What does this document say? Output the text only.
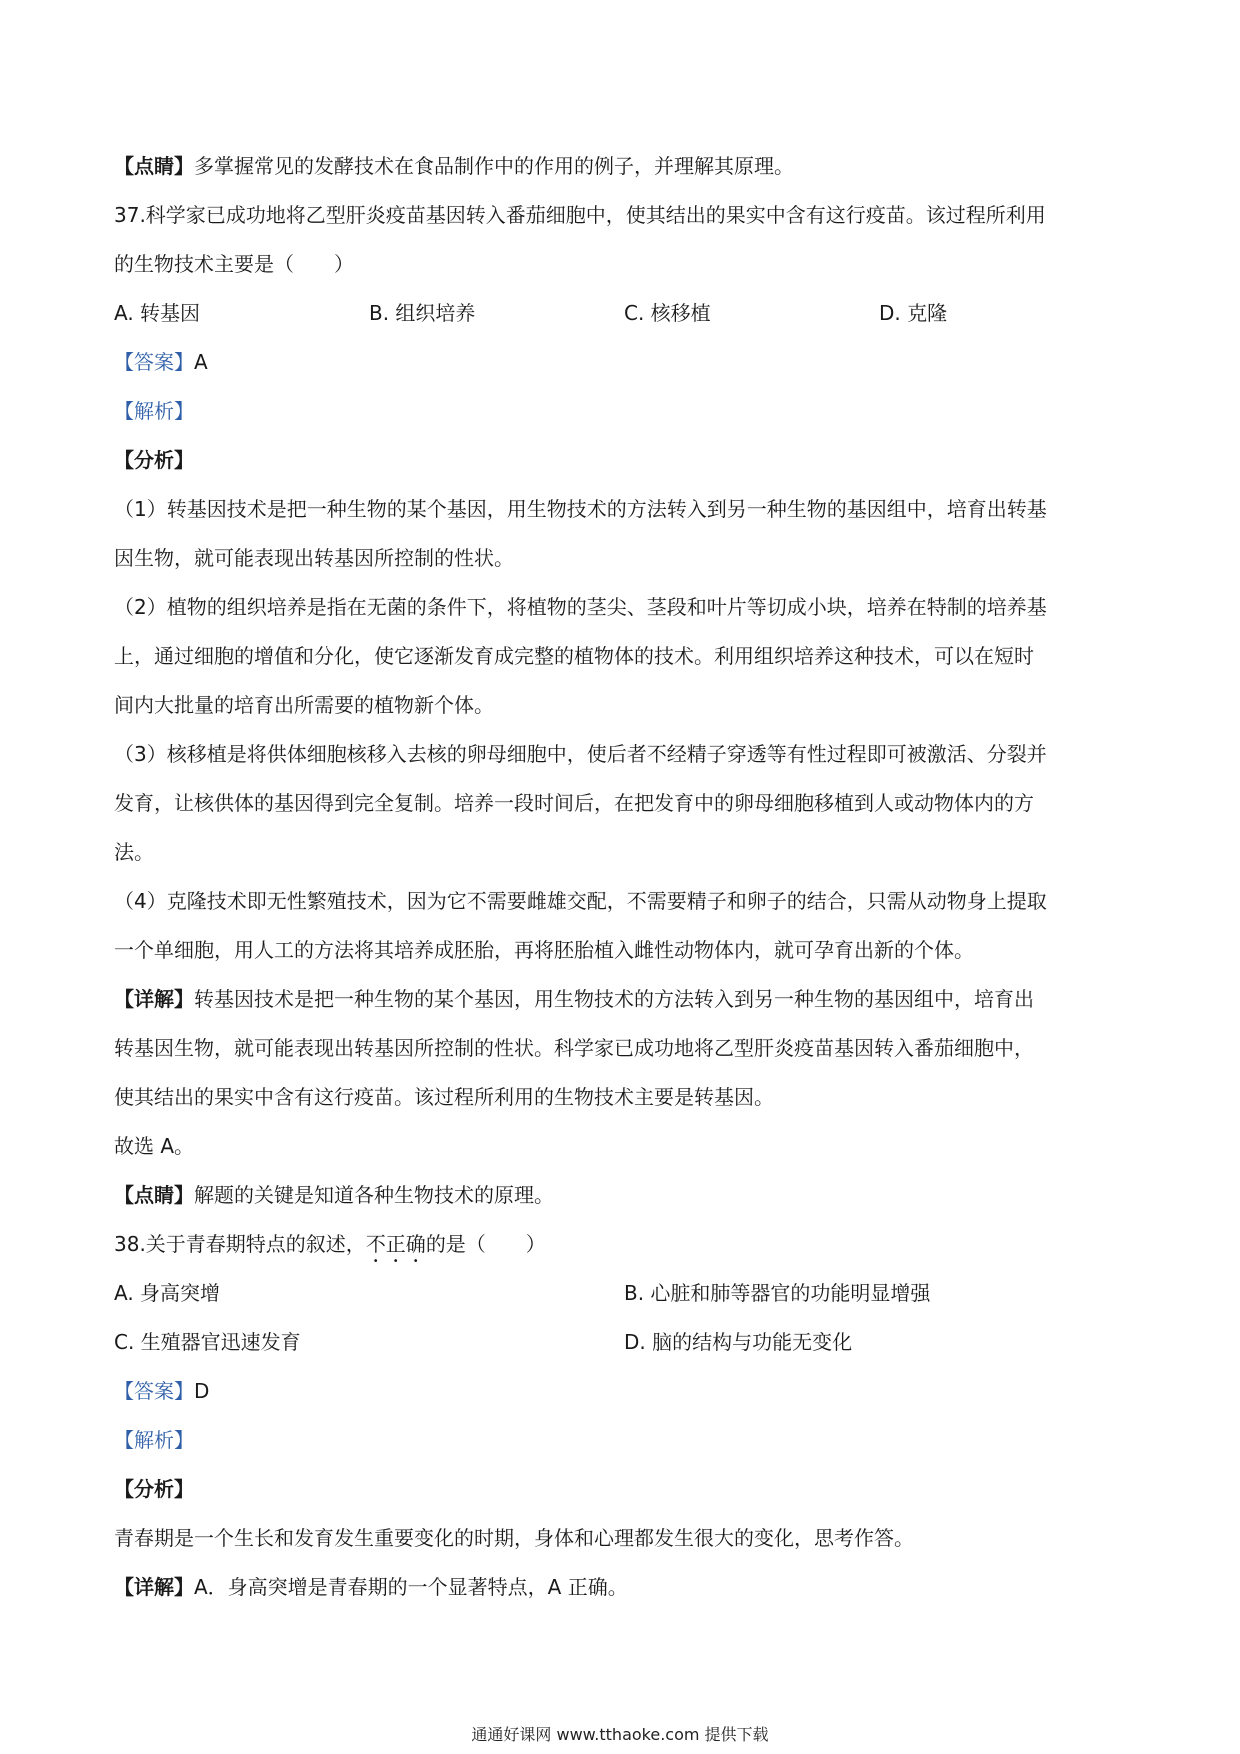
【点睛】多掌握常见的发酵技术在食品制作中的作用的例子，并理解其原理。
37.科学家已成功地将乙型肝炎疫苗基因转入番茄细胞中，使其结出的果实中含有这行疫苗。该过程所利用
的生物技术主要是（　　）
A. 转基因	B. 组织培养	C. 核移植	D. 克隆
【答案】A
【解析】
【分析】
（1）转基因技术是把一种生物的某个基因，用生物技术的方法转入到另一种生物的基因组中，培育出转基
因生物，就可能表现出转基因所控制的性状。
（2）植物的组织培养是指在无菌的条件下，将植物的茎尖、茎段和叶片等切成小块，培养在特制的培养基
上，通过细胞的增值和分化，使它逐渐发育成完整的植物体的技术。利用组织培养这种技术，可以在短时
间内大批量的培育出所需要的植物新个体。
（3）核移植是将供体细胞核移入去核的卵母细胞中，使后者不经精子穿透等有性过程即可被激活、分裂并
发育，让核供体的基因得到完全复制。培养一段时间后，在把发育中的卵母细胞移植到人或动物体内的方
法。
（4）克隆技术即无性繁殖技术，因为它不需要雌雄交配，不需要精子和卵子的结合，只需从动物身上提取
一个单细胞，用人工的方法将其培养成胚胎，再将胚胎植入雌性动物体内，就可孕育出新的个体。
【详解】转基因技术是把一种生物的某个基因，用生物技术的方法转入到另一种生物的基因组中，培育出
转基因生物，就可能表现出转基因所控制的性状。科学家已成功地将乙型肝炎疫苗基因转入番茄细胞中，
使其结出的果实中含有这行疫苗。该过程所利用的生物技术主要是转基因。
故选 A。
【点睛】解题的关键是知道各种生物技术的原理。
38.关于青春期特点的叙述，不正确的是（　　）
A. 身高突增	B. 心脏和肺等器官的功能明显增强
C. 生殖器官迅速发育	D. 脑的结构与功能无变化
【答案】D
【解析】
【分析】
青春期是一个生长和发育发生重要变化的时期，身体和心理都发生很大的变化，思考作答。
【详解】A．身高突增是青春期的一个显著特点，A 正确。
通通好课网 www.tthaoke.com 提供下载
